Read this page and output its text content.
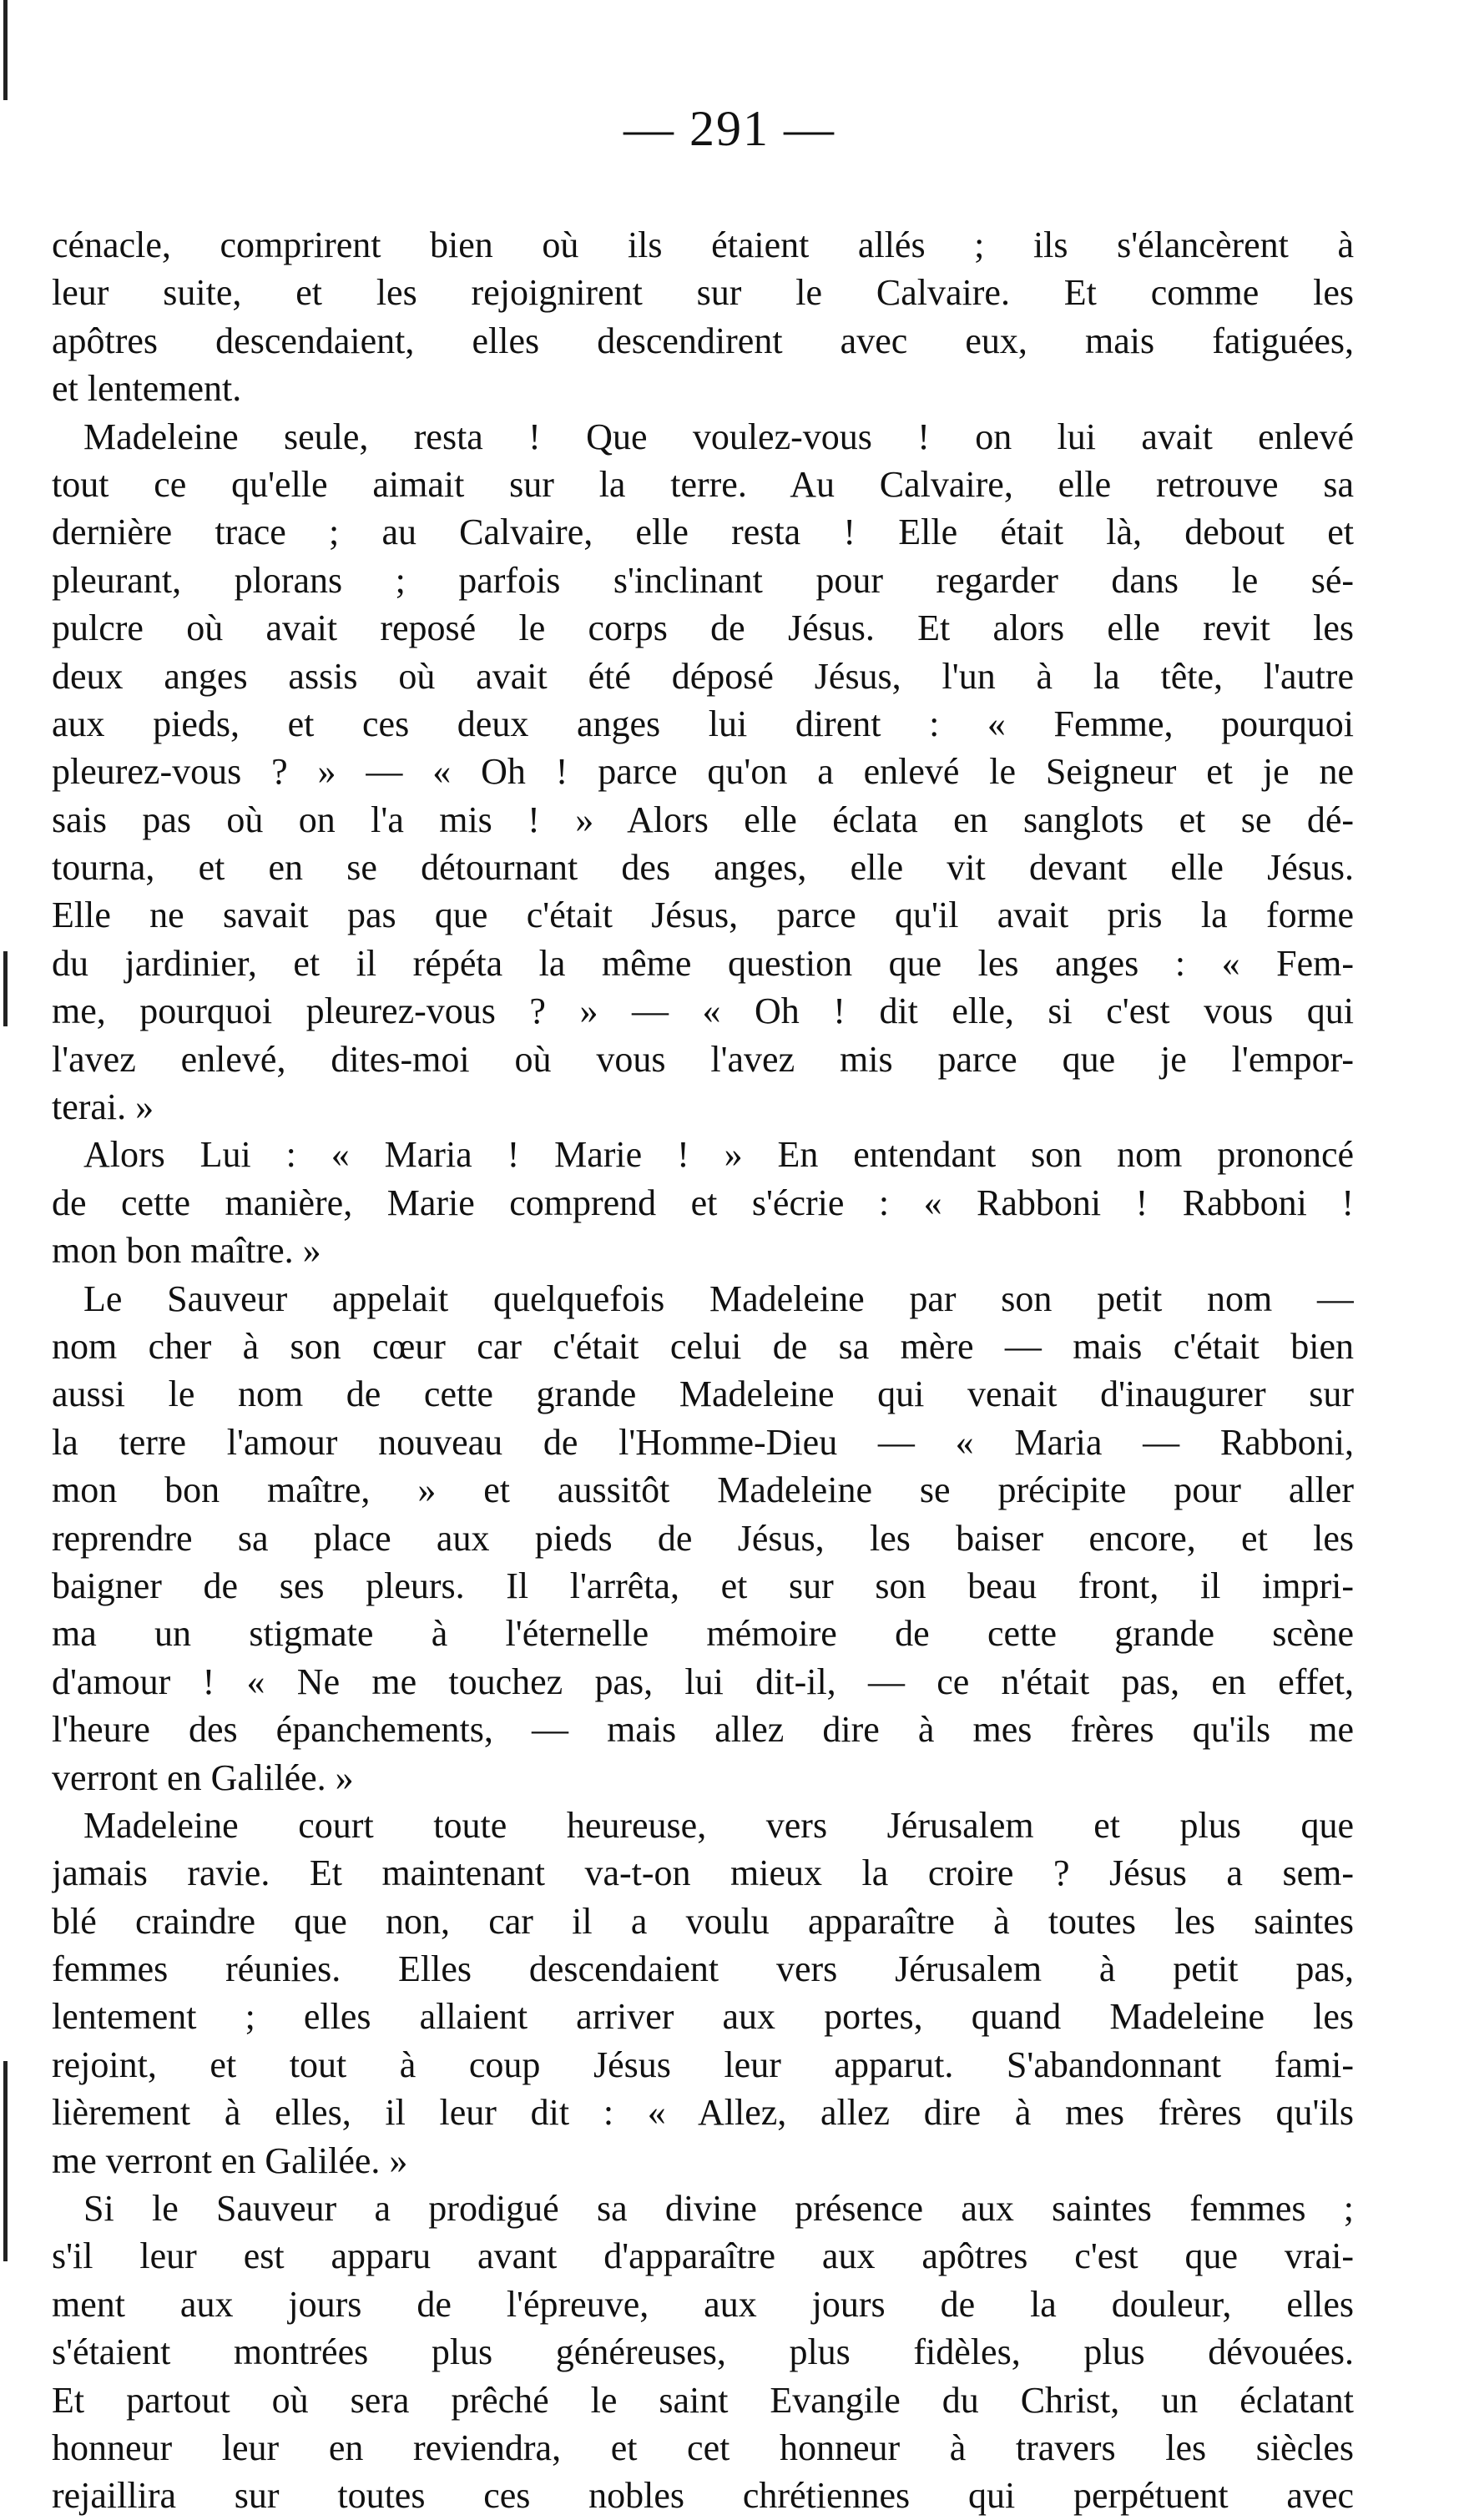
— 291 —
cénacle, comprirent bien où ils étaient allés ; ils s'élancèrent à
leur suite, et les rejoignirent sur le Calvaire. Et comme les
apôtres descendaient, elles descendirent avec eux, mais fatiguées,
et lentement.
Madeleine seule, resta ! Que voulez-vous ! on lui avait enlevé
tout ce qu'elle aimait sur la terre. Au Calvaire, elle retrouve sa
dernière trace ; au Calvaire, elle resta ! Elle était là, debout et
pleurant, plorans ; parfois s'inclinant pour regarder dans le sé-
pulcre où avait reposé le corps de Jésus. Et alors elle revit les
deux anges assis où avait été déposé Jésus, l'un à la tête, l'autre
aux pieds, et ces deux anges lui dirent : « Femme, pourquoi
pleurez-vous ? » — « Oh ! parce qu'on a enlevé le Seigneur et je ne
sais pas où on l'a mis ! » Alors elle éclata en sanglots et se dé-
tourna, et en se détournant des anges, elle vit devant elle Jésus.
Elle ne savait pas que c'était Jésus, parce qu'il avait pris la forme
du jardinier, et il répéta la même question que les anges : « Fem-
me, pourquoi pleurez-vous ? » — « Oh ! dit elle, si c'est vous qui
l'avez enlevé, dites-moi où vous l'avez mis parce que je l'empor-
terai. »
Alors Lui : « Maria ! Marie ! » En entendant son nom prononcé
de cette manière, Marie comprend et s'écrie : « Rabboni ! Rabboni !
mon bon maître. »
Le Sauveur appelait quelquefois Madeleine par son petit nom —
nom cher à son cœur car c'était celui de sa mère — mais c'était bien
aussi le nom de cette grande Madeleine qui venait d'inaugurer sur
la terre l'amour nouveau de l'Homme-Dieu — « Maria — Rabboni,
mon bon maître, » et aussitôt Madeleine se précipite pour aller
reprendre sa place aux pieds de Jésus, les baiser encore, et les
baigner de ses pleurs. Il l'arrêta, et sur son beau front, il impri-
ma un stigmate à l'éternelle mémoire de cette grande scène
d'amour ! « Ne me touchez pas, lui dit-il, — ce n'était pas, en effet,
l'heure des épanchements, — mais allez dire à mes frères qu'ils me
verront en Galilée. »
Madeleine court toute heureuse, vers Jérusalem et plus que
jamais ravie. Et maintenant va-t-on mieux la croire ? Jésus a sem-
blé craindre que non, car il a voulu apparaître à toutes les saintes
femmes réunies. Elles descendaient vers Jérusalem à petit pas,
lentement ; elles allaient arriver aux portes, quand Madeleine les
rejoint, et tout à coup Jésus leur apparut. S'abandonnant fami-
lièrement à elles, il leur dit : « Allez, allez dire à mes frères qu'ils
me verront en Galilée. »
Si le Sauveur a prodigué sa divine présence aux saintes femmes ;
s'il leur est apparu avant d'apparaître aux apôtres c'est que vrai-
ment aux jours de l'épreuve, aux jours de la douleur, elles
s'étaient montrées plus généreuses, plus fidèles, plus dévouées.
Et partout où sera prêché le saint Evangile du Christ, un éclatant
honneur leur en reviendra, et cet honneur à travers les siècles
rejaillira sur toutes ces nobles chrétiennes qui perpétuent avec
